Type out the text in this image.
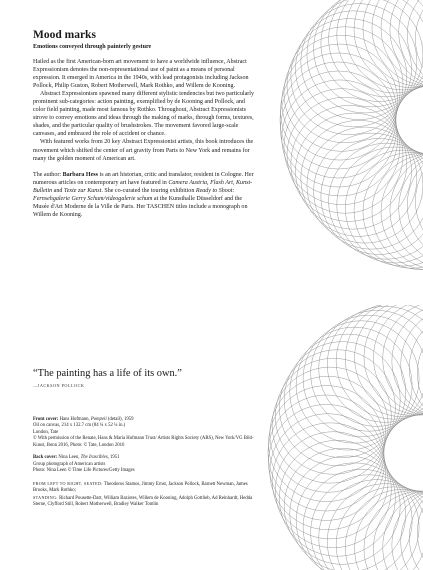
Mood marks
Emotions conveyed through painterly gesture

Hailed as the first American-born art movement to have a worldwide influence, Abstract Expressionism denotes the non-representational use of paint as a means of personal expression. It emerged in America in the 1940s, with lead protagonists including Jackson Pollock, Philip Guston, Robert Motherwell, Mark Rothko, and Willem de Kooning.

Abstract Expressionism spawned many different stylistic tendencies but two particularly prominent sub-categories: action painting, exemplified by de Kooning and Pollock, and color field painting, made most famous by Rothko. Throughout, Abstract Expressionists strove to convey emotions and ideas through the making of marks, through forms, textures, shades, and the particular quality of brushstrokes. The movement favored large-scale canvases, and embraced the role of accident or chance.

With featured works from 20 key Abstract Expressionist artists, this book introduces the movement which shifted the center of art gravity from Paris to New York and remains for many the golden moment of American art.

The author: Barbara Hess is an art historian, critic and translator, resident in Cologne. Her numerous articles on contemporary art have featured in Camera Austria, Flash Art, Kunst-Bulletin and Texte zur Kunst. She co-curated the touring exhibition Ready to Shoot: Fernsehgalerie Gerry Schum/videogalerie schum at the Kunsthalle Düsseldorf and the Musée d'Art Moderne de la Ville de Paris. Her TASCHEN titles include a monograph on Willem de Kooning.

“The painting has a life of its own.”

—JACKSON POLLOCK

Front cover: Hans Hofmann, Pompeii (detail), 1959

Oil on canvas, 214 x 132.7 cm (84 ¼ x 52 ¼ in.)

London, Tate

© With permission of the Renate, Hans & Maria Hofmann Trust/ Artists Rights Society (ARS), New York/VG Bild-Kunst, Bonn 2016, Photo: © Tate, London 2016

Back cover: Nina Leen, The Irascibles, 1951

Group photograph of American artists

Photo: Nina Leen © Time Life Pictures/Getty Images

FROM LEFT TO RIGHT, SEATED: Theodoros Stamos, Jimmy Ernst, Jackson Pollock, Barnett Newman, James Brooks, Mark Rothko;

STANDING: Richard Pousette-Dart, William Baziotes, Willem de Kooning, Adolph Gottlieb, Ad Reinhardt, Hedda Sterne, Clyfford Still, Robert Motherwell, Bradley Walker Tomlin
